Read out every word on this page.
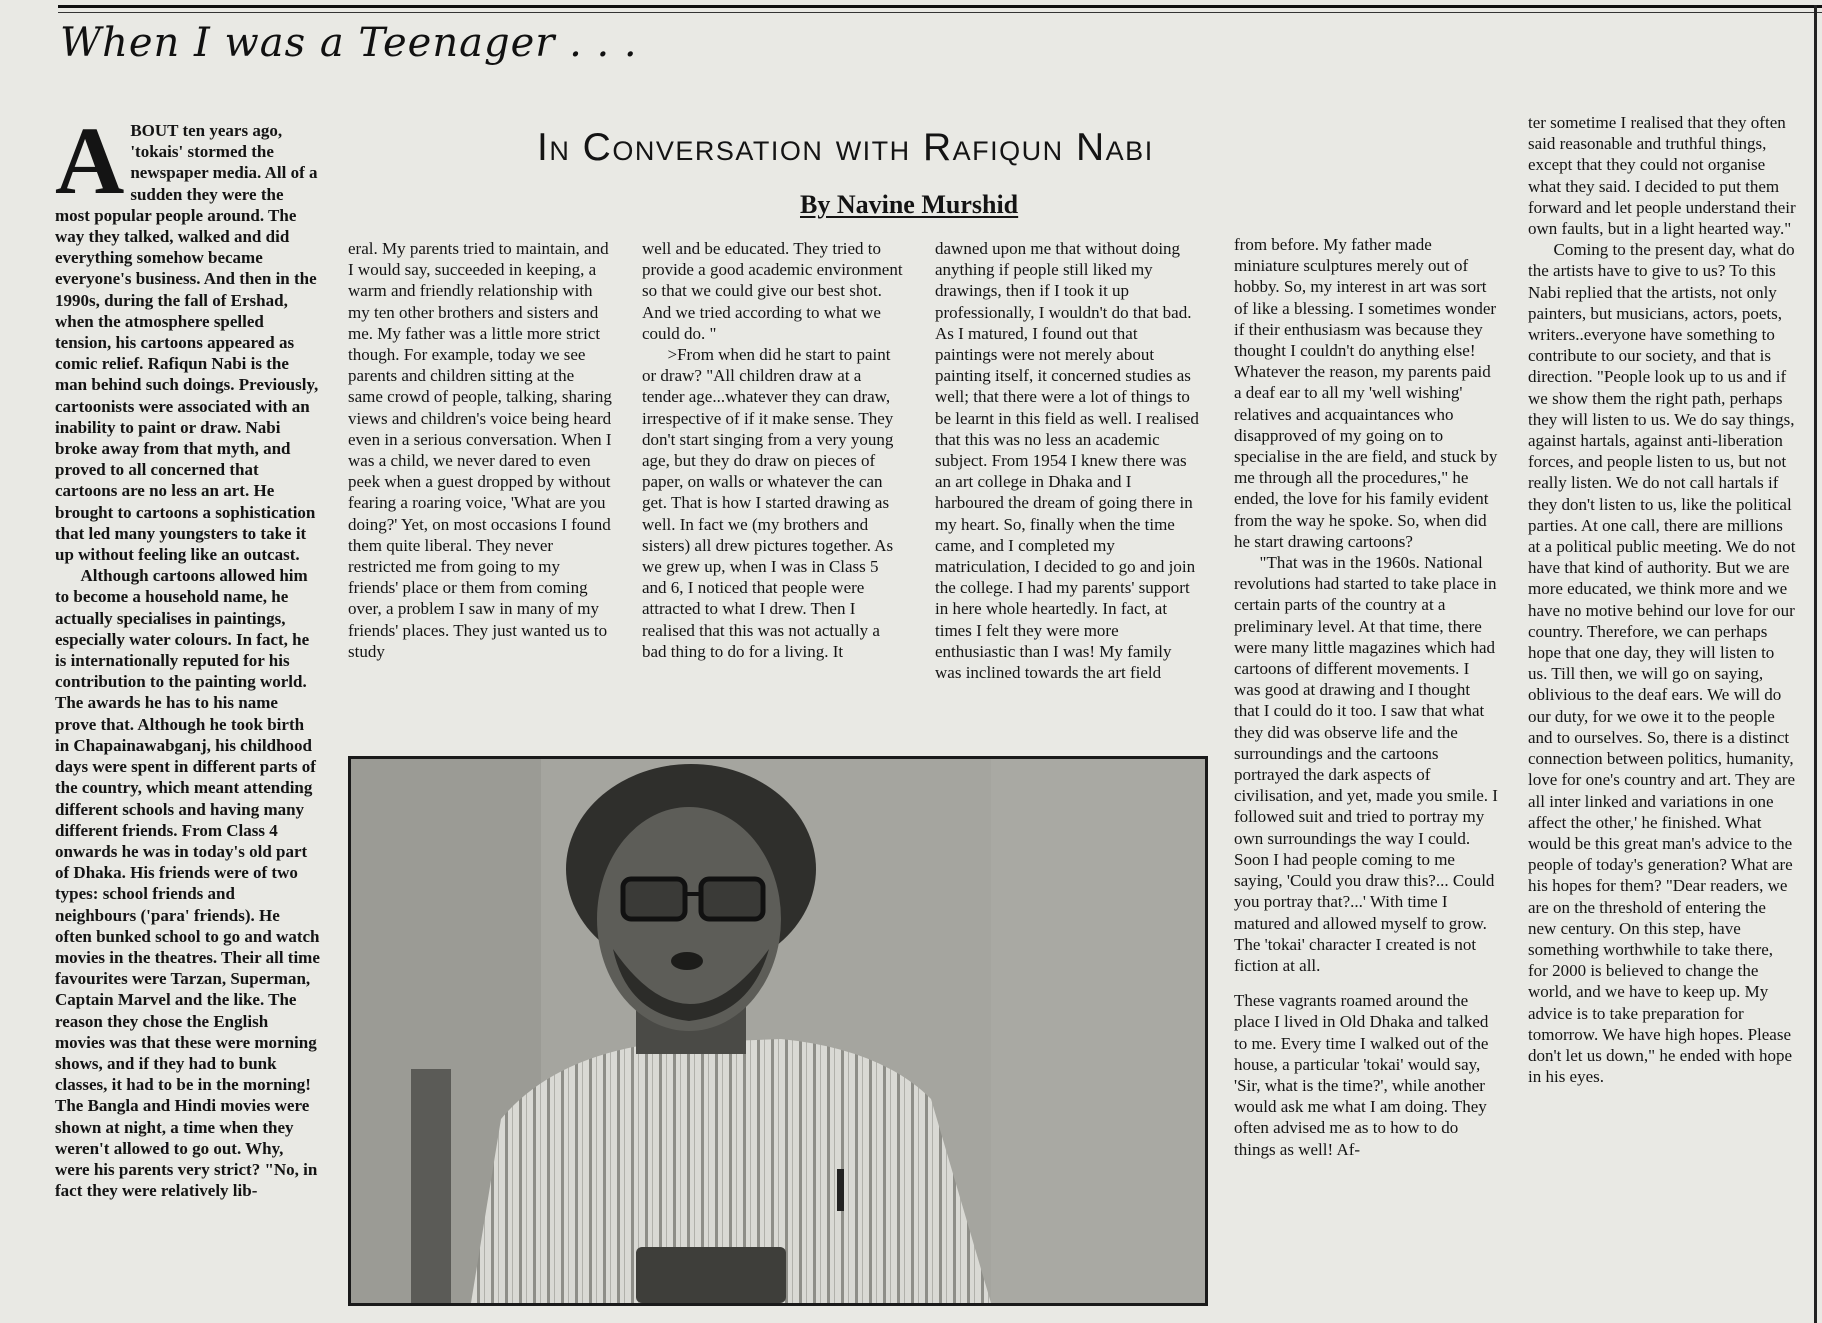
When I was a Teenager . . .
In Conversation with Rafiqun Nabi

By Navine Murshid

A BOUT ten years ago, 'tokais' stormed the newspaper media. All of a sudden they were the most popular people around. The way they talked, walked and did everything somehow became everyone's business. And then in the 1990s, during the fall of Ershad, when the atmosphere spelled tension, his cartoons appeared as comic relief. Rafiqun Nabi is the man behind such doings. Previously, cartoonists were associated with an inability to paint or draw. Nabi broke away from that myth, and proved to all concerned that cartoons are no less an art. He brought to cartoons a sophistication that led many youngsters to take it up without feeling like an outcast.

Although cartoons allowed him to become a household name, he actually specialises in paintings, especially water colours. In fact, he is internationally reputed for his contribution to the painting world. The awards he has to his name prove that. Although he took birth in Chapainawabganj, his childhood days were spent in different parts of the country, which meant attending different schools and having many different friends. From Class 4 onwards he was in today's old part of Dhaka. His friends were of two types: school friends and neighbours ('para' friends). He often bunked school to go and watch movies in the theatres. Their all time favourites were Tarzan, Superman, Captain Marvel and the like. The reason they chose the English movies was that these were morning shows, and if they had to bunk classes, it had to be in the morning! The Bangla and Hindi movies were shown at night, a time when they weren't allowed to go out. Why, were his parents very strict? "No, in fact they were relatively lib-

eral. My parents tried to maintain, and I would say, succeeded in keeping, a warm and friendly relationship with my ten other brothers and sisters and me. My father was a little more strict though. For example, today we see parents and children sitting at the same crowd of people, talking, sharing views and children's voice being heard even in a serious conversation. When I was a child, we never dared to even peek when a guest dropped by without fearing a roaring voice, 'What are you doing?' Yet, on most occasions I found them quite liberal. They never restricted me from going to my friends' place or them from coming over, a problem I saw in many of my friends' places. They just wanted us to study

well and be educated. They tried to provide a good academic environment so that we could give our best shot. And we tried according to what we could do. "

>From when did he start to paint or draw? "All children draw at a tender age...whatever they can draw, irrespective of if it make sense. They don't start singing from a very young age, but they do draw on pieces of paper, on walls or whatever the can get. That is how I started drawing as well. In fact we (my brothers and sisters) all drew pictures together. As we grew up, when I was in Class 5 and 6, I noticed that people were attracted to what I drew. Then I realised that this was not actually a bad thing to do for a living. It

dawned upon me that without doing anything if people still liked my drawings, then if I took it up professionally, I wouldn't do that bad. As I matured, I found out that paintings were not merely about painting itself, it concerned studies as well; that there were a lot of things to be learnt in this field as well. I realised that this was no less an academic subject. From 1954 I knew there was an art college in Dhaka and I harboured the dream of going there in my heart. So, finally when the time came, and I completed my matriculation, I decided to go and join the college. I had my parents' support in here whole heartedly. In fact, at times I felt they were more enthusiastic than I was! My family was inclined towards the art field

from before. My father made miniature sculptures merely out of hobby. So, my interest in art was sort of like a blessing. I sometimes wonder if their enthusiasm was because they thought I couldn't do anything else! Whatever the reason, my parents paid a deaf ear to all my 'well wishing' relatives and acquaintances who disapproved of my going on to specialise in the are field, and stuck by me through all the procedures," he ended, the love for his family evident from the way he spoke. So, when did he start drawing cartoons?

"That was in the 1960s. National revolutions had started to take place in certain parts of the country at a preliminary level. At that time, there were many little magazines which had cartoons of different movements. I was good at drawing and I thought that I could do it too. I saw that what they did was observe life and the surroundings and the cartoons portrayed the dark aspects of civilisation, and yet, made you smile. I followed suit and tried to portray my own surroundings the way I could. Soon I had people coming to me saying, 'Could you draw this?... Could you portray that?...' With time I matured and allowed myself to grow. The 'tokai' character I created is not fiction at all.

These vagrants roamed around the place I lived in Old Dhaka and talked to me. Every time I walked out of the house, a particular 'tokai' would say, 'Sir, what is the time?', while another would ask me what I am doing. They often advised me as to how to do things as well! Af-

ter sometime I realised that they often said reasonable and truthful things, except that they could not organise what they said. I decided to put them forward and let people understand their own faults, but in a light hearted way."

Coming to the present day, what do the artists have to give to us? To this Nabi replied that the artists, not only painters, but musicians, actors, poets, writers..everyone have something to contribute to our society, and that is direction. "People look up to us and if we show them the right path, perhaps they will listen to us. We do say things, against hartals, against anti-liberation forces, and people listen to us, but not really listen. We do not call hartals if they don't listen to us, like the political parties. At one call, there are millions at a political public meeting. We do not have that kind of authority. But we are more educated, we think more and we have no motive behind our love for our country. Therefore, we can perhaps hope that one day, they will listen to us. Till then, we will go on saying, oblivious to the deaf ears. We will do our duty, for we owe it to the people and to ourselves. So, there is a distinct connection between politics, humanity, love for one's country and art. They are all inter linked and variations in one affect the other,' he finished. What would be this great man's advice to the people of today's generation? What are his hopes for them? "Dear readers, we are on the threshold of entering the new century. On this step, have something worthwhile to take there, for 2000 is believed to change the world, and we have to keep up. My advice is to take preparation for tomorrow. We have high hopes. Please don't let us down," he ended with hope in his eyes.
